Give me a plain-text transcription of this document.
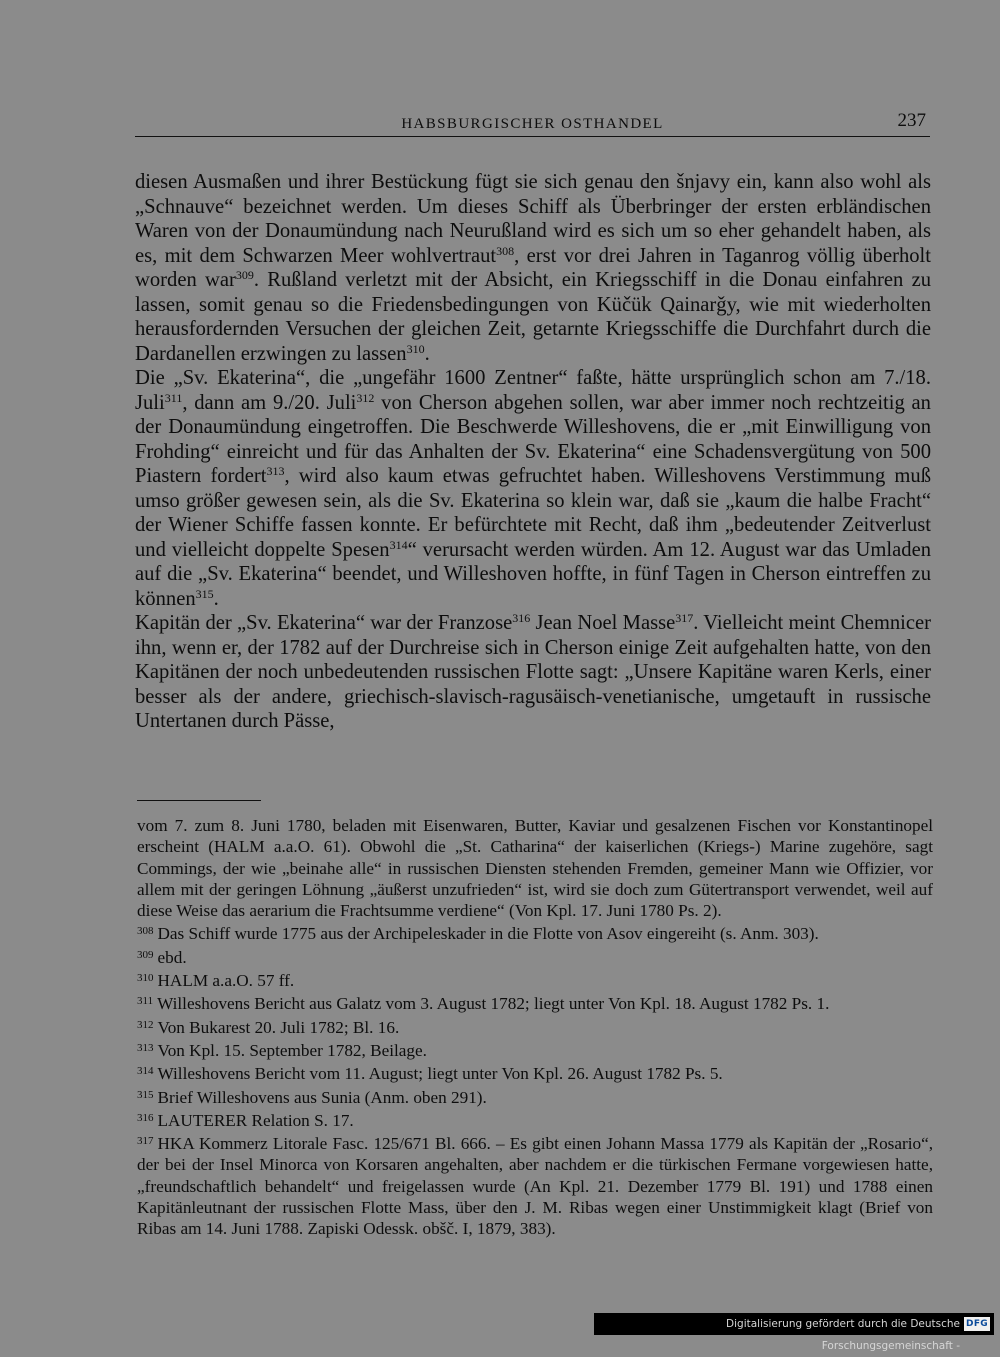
HABSBURGISCHER OSTHANDEL	237

diesen Ausmaßen und ihrer Bestückung fügt sie sich genau den šnjavy ein, kann also wohl als „Schnauve“ bezeichnet werden. Um dieses Schiff als Überbringer der ersten erbländischen Waren von der Donaumündung nach Neurußland wird es sich um so eher gehandelt haben, als es, mit dem Schwarzen Meer wohlvertraut$^{308}$, erst vor drei Jahren in Taganrog völlig überholt worden war$^{309}$. Rußland verletzt mit der Absicht, ein Kriegsschiff in die Donau einfahren zu lassen, somit genau so die Friedensbedingungen von Küčük Qainarǧy, wie mit wiederholten herausfordernden Versuchen der gleichen Zeit, getarnte Kriegsschiffe die Durchfahrt durch die Dardanellen erzwingen zu lassen$^{310}$.

Die „Sv. Ekaterina“, die „ungefähr 1600 Zentner“ faßte, hätte ursprünglich schon am 7./18. Juli$^{311}$, dann am 9./20. Juli$^{312}$ von Cherson abgehen sollen, war aber immer noch rechtzeitig an der Donaumündung eingetroffen. Die Beschwerde Willeshovens, die er „mit Einwilligung von Frohding“ einreicht und für das Anhalten der Sv. Ekaterina“ eine Schadensvergütung von 500 Piastern fordert$^{313}$, wird also kaum etwas gefruchtet haben. Willeshovens Verstimmung muß umso größer gewesen sein, als die Sv. Ekaterina so klein war, daß sie „kaum die halbe Fracht“ der Wiener Schiffe fassen konnte. Er befürchtete mit Recht, daß ihm „bedeutender Zeitverlust und vielleicht doppelte Spesen$^{314}$“ verursacht werden würden. Am 12. August war das Umladen auf die „Sv. Ekaterina“ beendet, und Willeshoven hoffte, in fünf Tagen in Cherson eintreffen zu können$^{315}$.

Kapitän der „Sv. Ekaterina“ war der Franzose$^{316}$ Jean Noel Masse$^{317}$. Vielleicht meint Chemnicer ihn, wenn er, der 1782 auf der Durchreise sich in Cherson einige Zeit aufgehalten hatte, von den Kapitänen der noch unbedeutenden russischen Flotte sagt: „Unsere Kapitäne waren Kerls, einer besser als der andere, griechisch-slavisch-ragusäisch-venetianische, umgetauft in russische Untertanen durch Pässe,

vom 7. zum 8. Juni 1780, beladen mit Eisenwaren, Butter, Kaviar und gesalzenen Fischen vor Konstantinopel erscheint (HALM a.a.O. 61). Obwohl die „St. Catharina“ der kaiserlichen (Kriegs-) Marine zugehöre, sagt Commings, der wie „beinahe alle“ in russischen Diensten stehenden Fremden, gemeiner Mann wie Offizier, vor allem mit der geringen Löhnung „äußerst unzufrieden“ ist, wird sie doch zum Gütertransport verwendet, weil auf diese Weise das aerarium die Frachtsumme verdiene“ (Von Kpl. 17. Juni 1780 Ps. 2).

$^{308}$ Das Schiff wurde 1775 aus der Archipeleskader in die Flotte von Asov eingereiht (s. Anm. 303).

$^{309}$ ebd.

$^{310}$ HALM a.a.O. 57 ff.

$^{311}$ Willeshovens Bericht aus Galatz vom 3. August 1782; liegt unter Von Kpl. 18. August 1782 Ps. 1.

$^{312}$ Von Bukarest 20. Juli 1782; Bl. 16.

$^{313}$ Von Kpl. 15. September 1782, Beilage.

$^{314}$ Willeshovens Bericht vom 11. August; liegt unter Von Kpl. 26. August 1782 Ps. 5.

$^{315}$ Brief Willeshovens aus Sunia (Anm. oben 291).

$^{316}$ LAUTERER Relation S. 17.

$^{317}$ HKA Kommerz Litorale Fasc. 125/671 Bl. 666. – Es gibt einen Johann Massa 1779 als Kapitän der „Rosario“, der bei der Insel Minorca von Korsaren angehalten, aber nachdem er die türkischen Fermane vorgewiesen hatte, „freundschaftlich behandelt“ und freigelassen wurde (An Kpl. 21. Dezember 1779 Bl. 191) und 1788 einen Kapitänleutnant der russischen Flotte Mass, über den J. M. Ribas wegen einer Unstimmigkeit klagt (Brief von Ribas am 14. Juni 1788. Zapiski Odessk. obšč. I, 1879, 383).

Digitalisierung gefördert durch die Deutsche Forschungsgemeinschaft -
DFG
